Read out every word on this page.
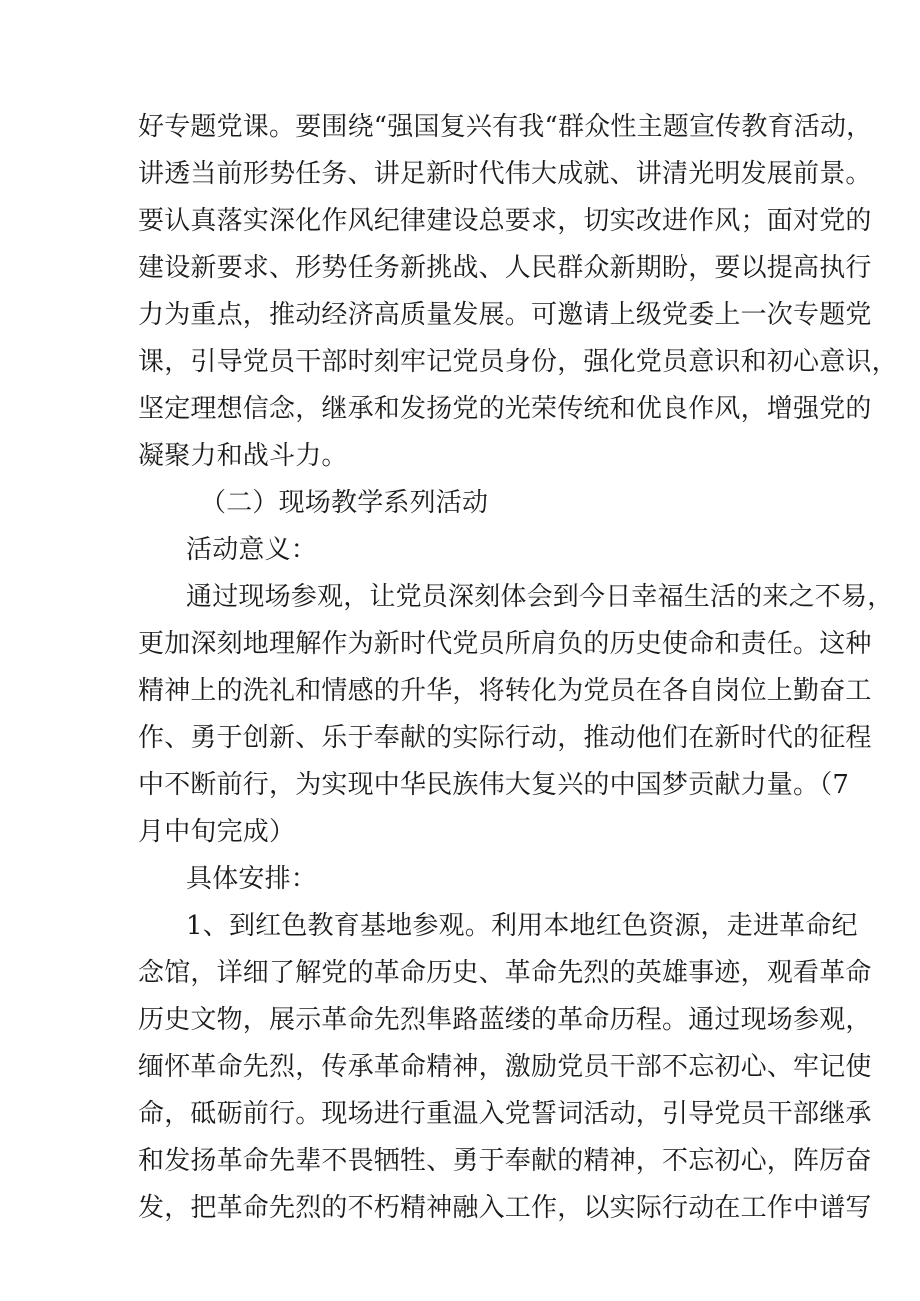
好专题党课。要围绕“强国复兴有我“群众性主题宣传教育活动，
讲透当前形势任务、讲足新时代伟大成就、讲清光明发展前景。
要认真落实深化作风纪律建设总要求，切实改进作风；面对党的
建设新要求、形势任务新挑战、人民群众新期盼，要以提高执行
力为重点，推动经济高质量发展。可邀请上级党委上一次专题党
课，引导党员干部时刻牢记党员身份，强化党员意识和初心意识，
坚定理想信念，继承和发扬党的光荣传统和优良作风，增强党的
凝聚力和战斗力。
（二）现场教学系列活动
活动意义：
通过现场参观，让党员深刻体会到今日幸福生活的来之不易，
更加深刻地理解作为新时代党员所肩负的历史使命和责任。这种
精神上的洗礼和情感的升华，将转化为党员在各自岗位上勤奋工
作、勇于创新、乐于奉献的实际行动，推动他们在新时代的征程
中不断前行，为实现中华民族伟大复兴的中国梦贡献力量。（7
月中旬完成）
具体安排：
1、到红色教育基地参观。利用本地红色资源，走进革命纪
念馆，详细了解党的革命历史、革命先烈的英雄事迹，观看革命
历史文物，展示革命先烈隼路蓝缕的革命历程。通过现场参观，
缅怀革命先烈，传承革命精神，激励党员干部不忘初心、牢记使
命，砥砺前行。现场进行重温入党誓词活动，引导党员干部继承
和发扬革命先辈不畏牺牲、勇于奉献的精神，不忘初心，阵厉奋
发，把革命先烈的不朽精神融入工作，以实际行动在工作中谱写
